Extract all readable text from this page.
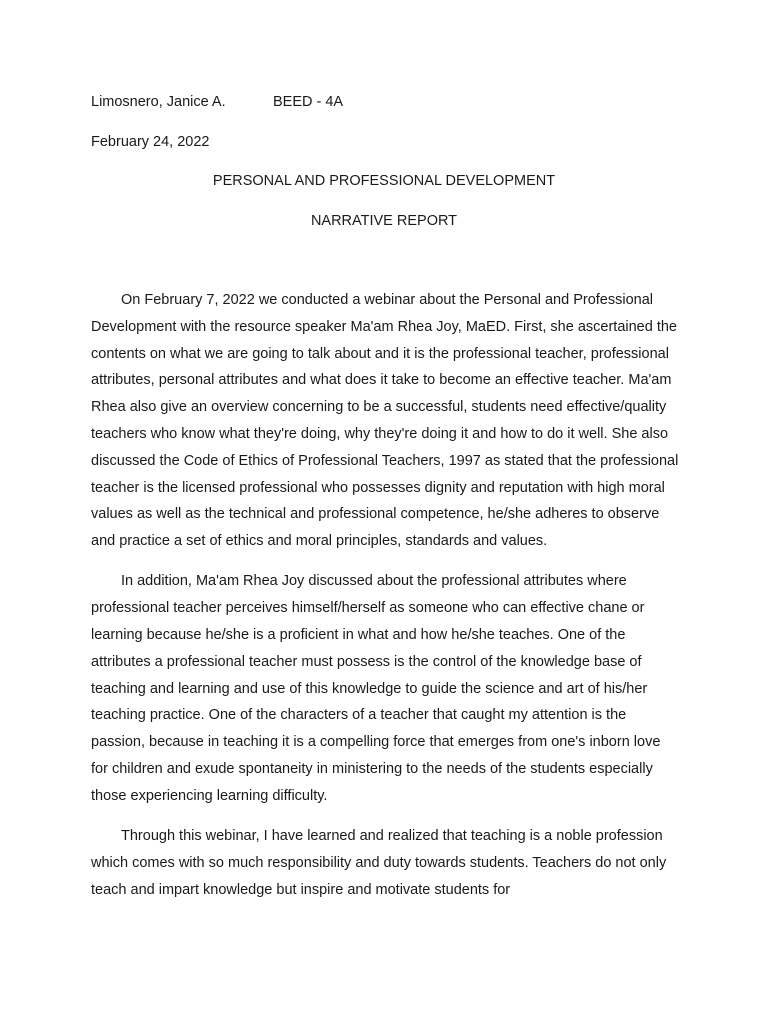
Limosnero, Janice A.	BEED - 4A
February 24, 2022
PERSONAL AND PROFESSIONAL DEVELOPMENT
NARRATIVE REPORT

On February 7, 2022 we conducted a webinar about the Personal and Professional Development with the resource speaker Ma'am Rhea Joy, MaED. First, she ascertained the contents on what we are going to talk about and it is the professional teacher, professional attributes, personal attributes and what does it take to become an effective teacher. Ma'am Rhea also give an overview concerning to be a successful, students need effective/quality teachers who know what they're doing, why they're doing it and how to do it well. She also discussed the Code of Ethics of Professional Teachers, 1997 as stated that the professional teacher is the licensed professional who possesses dignity and reputation with high moral values as well as the technical and professional competence, he/she adheres to observe and practice a set of ethics and moral principles, standards and values.

In addition, Ma'am Rhea Joy discussed about the professional attributes where professional teacher perceives himself/herself as someone who can effective chane or learning because he/she is a proficient in what and how he/she teaches. One of the attributes a professional teacher must possess is the control of the knowledge base of teaching and learning and use of this knowledge to guide the science and art of his/her teaching practice. One of the characters of a teacher that caught my attention is the passion, because in teaching it is a compelling force that emerges from one's inborn love for children and exude spontaneity in ministering to the needs of the students especially those experiencing learning difficulty.

Through this webinar, I have learned and realized that teaching is a noble profession which comes with so much responsibility and duty towards students. Teachers do not only teach and impart knowledge but inspire and motivate students for
